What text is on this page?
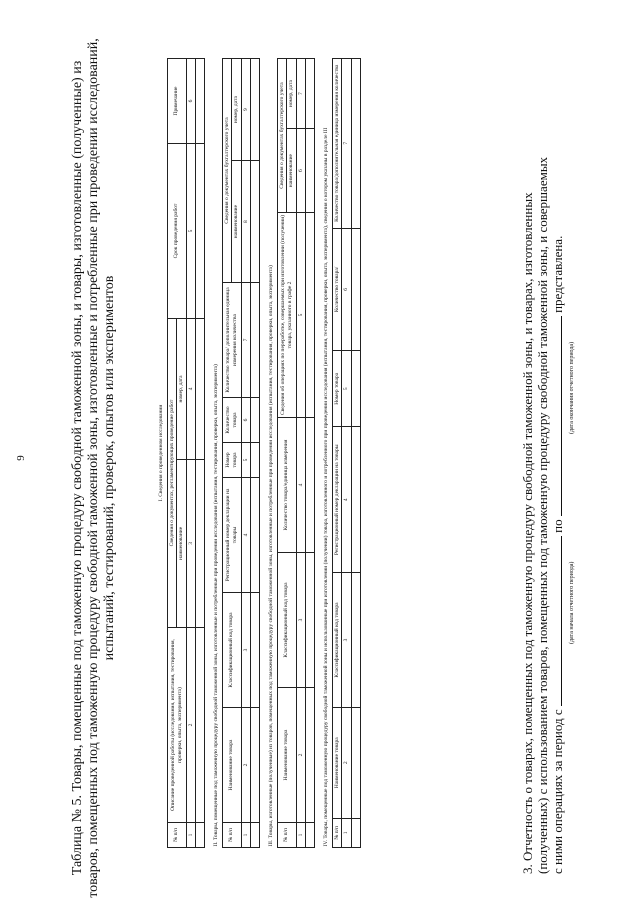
9	Таблица № 5. Товары, помещенные под таможенную процедуру свободной таможенной зоны, и товары, изготовленные (полученные) из товаров, помещенных под таможенную процедуру свободной таможенной зоны, изготовленные и потребленные при проведении исследований, испытаний, тестирований, проверок, опытов или экспериментов	I. Сведения о проведенном исследовании					
№ п/п	Описание проведенной работы (исследования, испытания, тестирования, проверки, опыта, эксперимента)	Сведения о документах, регламентирующих проведение работ		Срок проведения работ	Примечание
		наименование	номер, дата		
1	2	3	4	5	6

II. Товары, помещенные под таможенную процедуру свободной таможенной зоны, изготовленные и потребленные при проведении исследования (испытания, тестирования, проверки, опыта, эксперимента)								
№ п/п	Наименование товара	Классификационный код товара	Регистрационный номер декларации на товары	Номер товара	Количество товара	Количество товара/ дополнительная единица измерения количества	Сведения о документах бухгалтерского учета	
							наименование	номер, дата
1	2	3	4	5	6	7	8	9

III. Товары, изготовленные (полученные) из товаров, помещенных под таможенную процедуру свободной таможенной зоны, изготовленные и потребленные при проведении исследования (испытания, тестирования, проверки, опыта, эксперимента)						
№ п/п	Наименование товара	Классификационный код товара	Количество товара/единица измерения	Сведения об операциях по переработке, совершаемых при изготовлении (получении) товара, указанного в графе 2	Сведения о документах бухгалтерского учета	
					наименование	номер, дата
1	2	3	4	5	6	7

IV. Товары, помещенные под таможенную процедуру свободной таможенной зоны и использованные при изготовлении (получении) товара, изготовленного и потребленного при проведении исследования (испытания, тестирования, проверки, опыта, эксперимента), сведения о котором указаны в разделе III						
№ п/п	Наименование товара	Классификационный код товара	Регистрационный номер декларации на товары	Номер товара	Количество товара/	Количество товара/дополнительная единица измерения количества
1	2	3	4	5	6	7

3. Отчетность о товарах, помещенных под таможенную процедуру свободной таможенной зоны, и товарах, изготовленных (полученных) с использованием товаров, помещенных под таможенную процедуру свободной таможенной зоны, и совершаемых с ними операциях за период с  по  представлена.
(дата начала отчетного периода)
(дата окончания отчетного периода)
